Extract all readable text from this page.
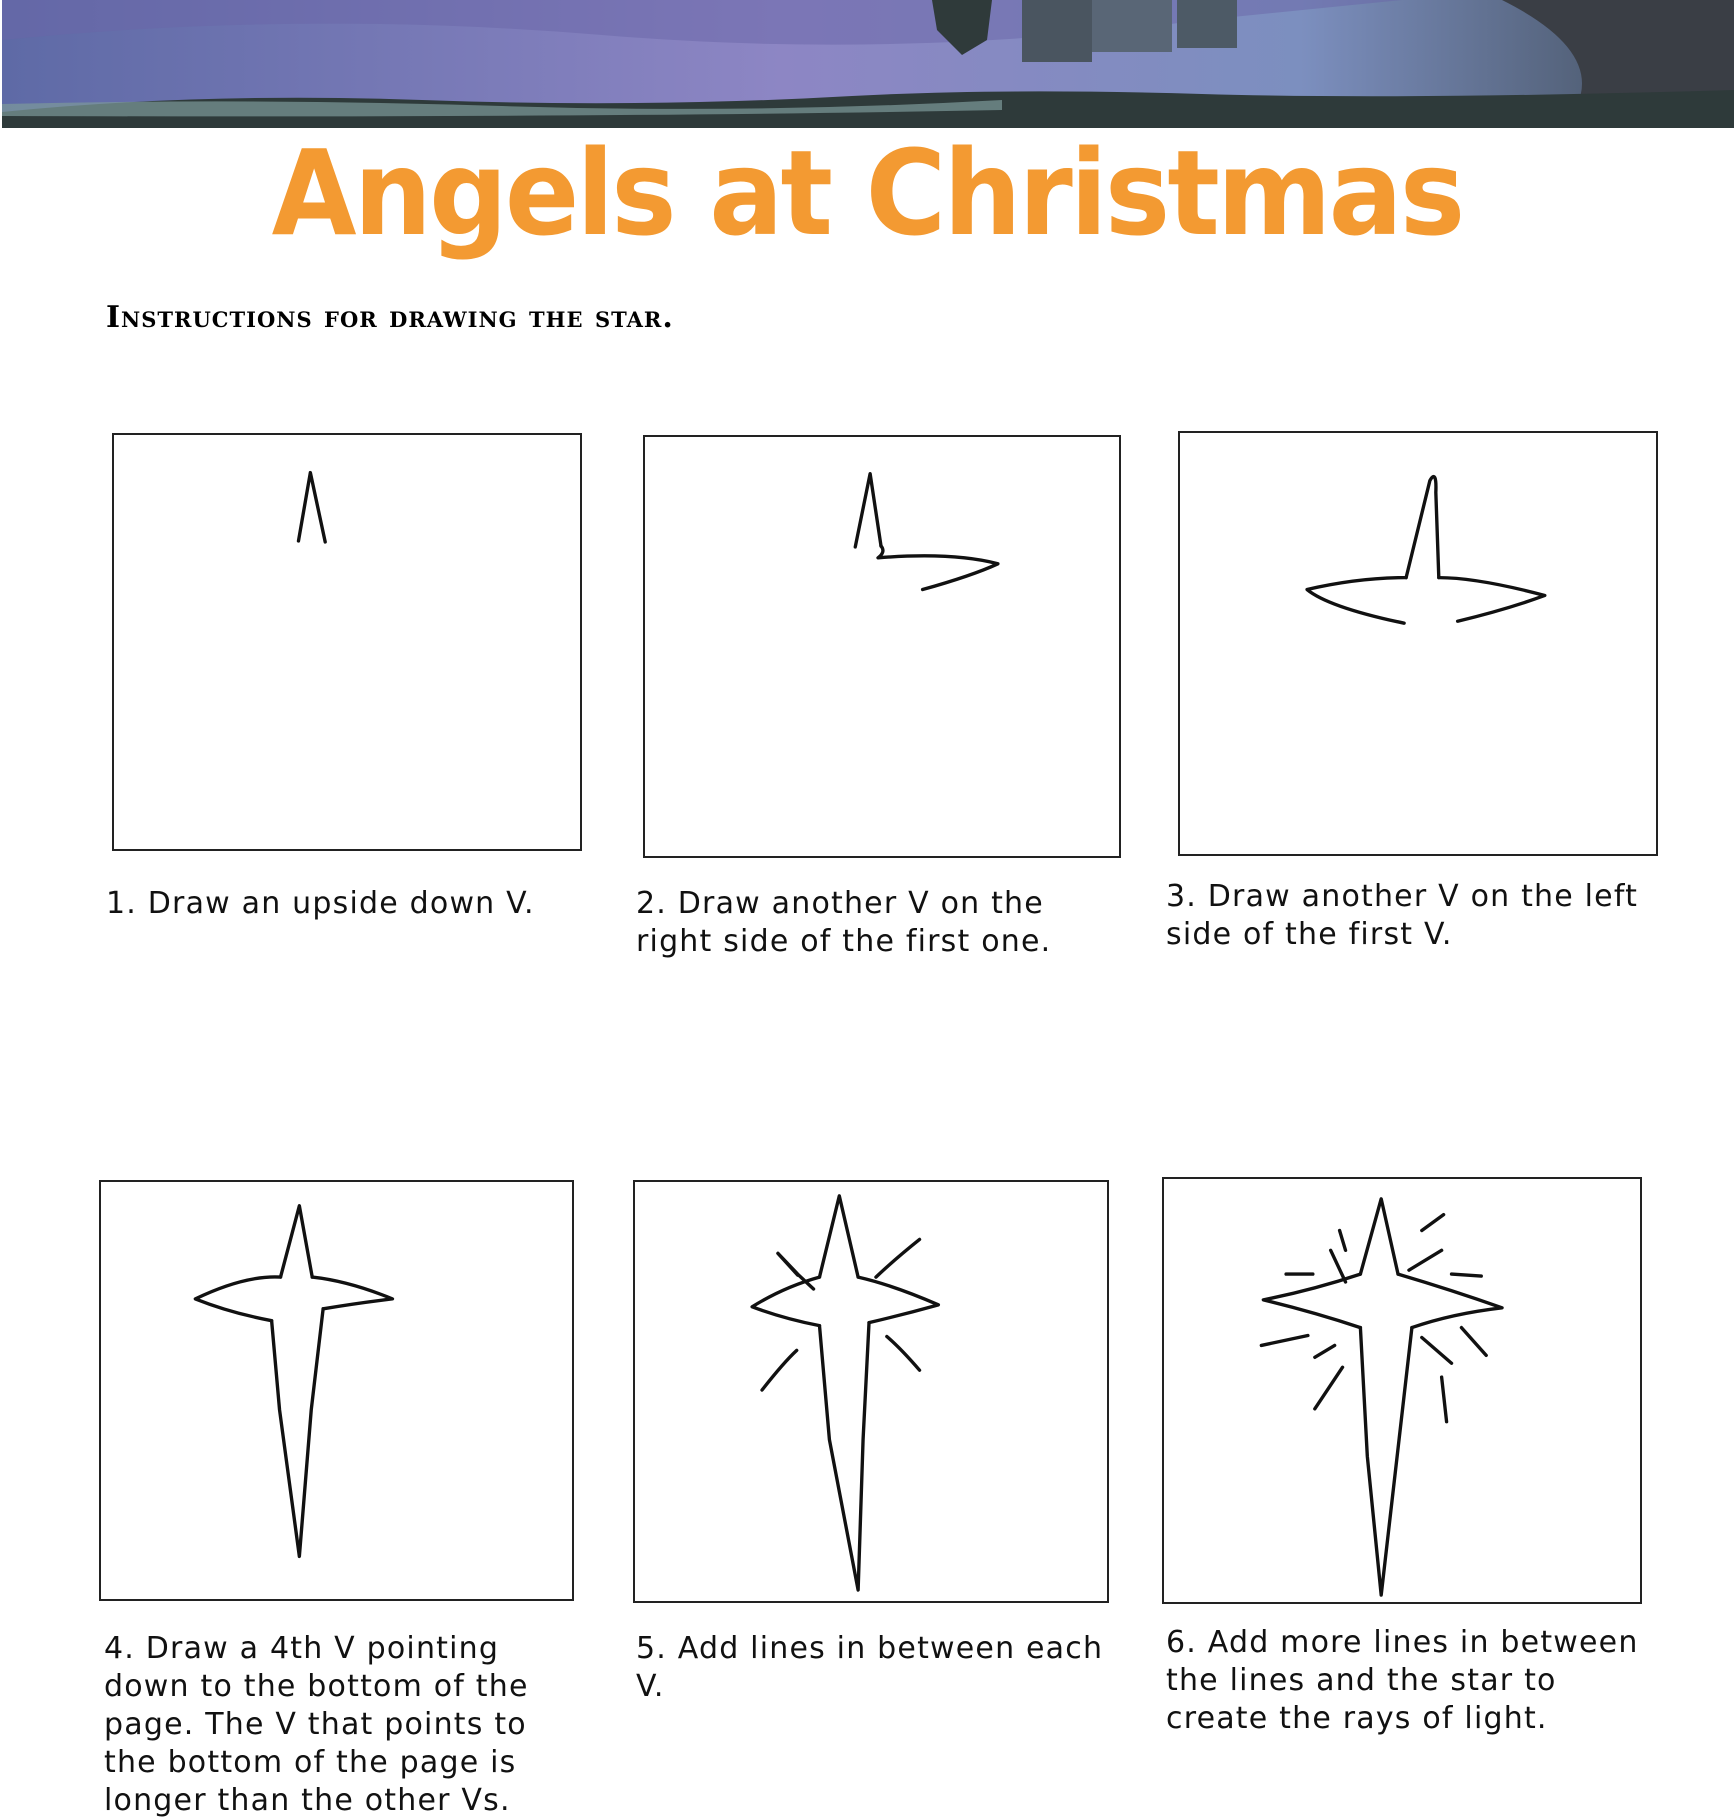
Angels at Christmas
Instructions for drawing the star.
1. Draw an upside down V.	2. Draw another V on the right side of the first one.
3. Draw another V on the left side of the first V.
4. Draw a 4th V pointing down to the bottom of the page. The V that points to the bottom of the page is longer than the other Vs.
5. Add lines in between each V.
6. Add more lines in between the lines and the star to create the rays of light.
